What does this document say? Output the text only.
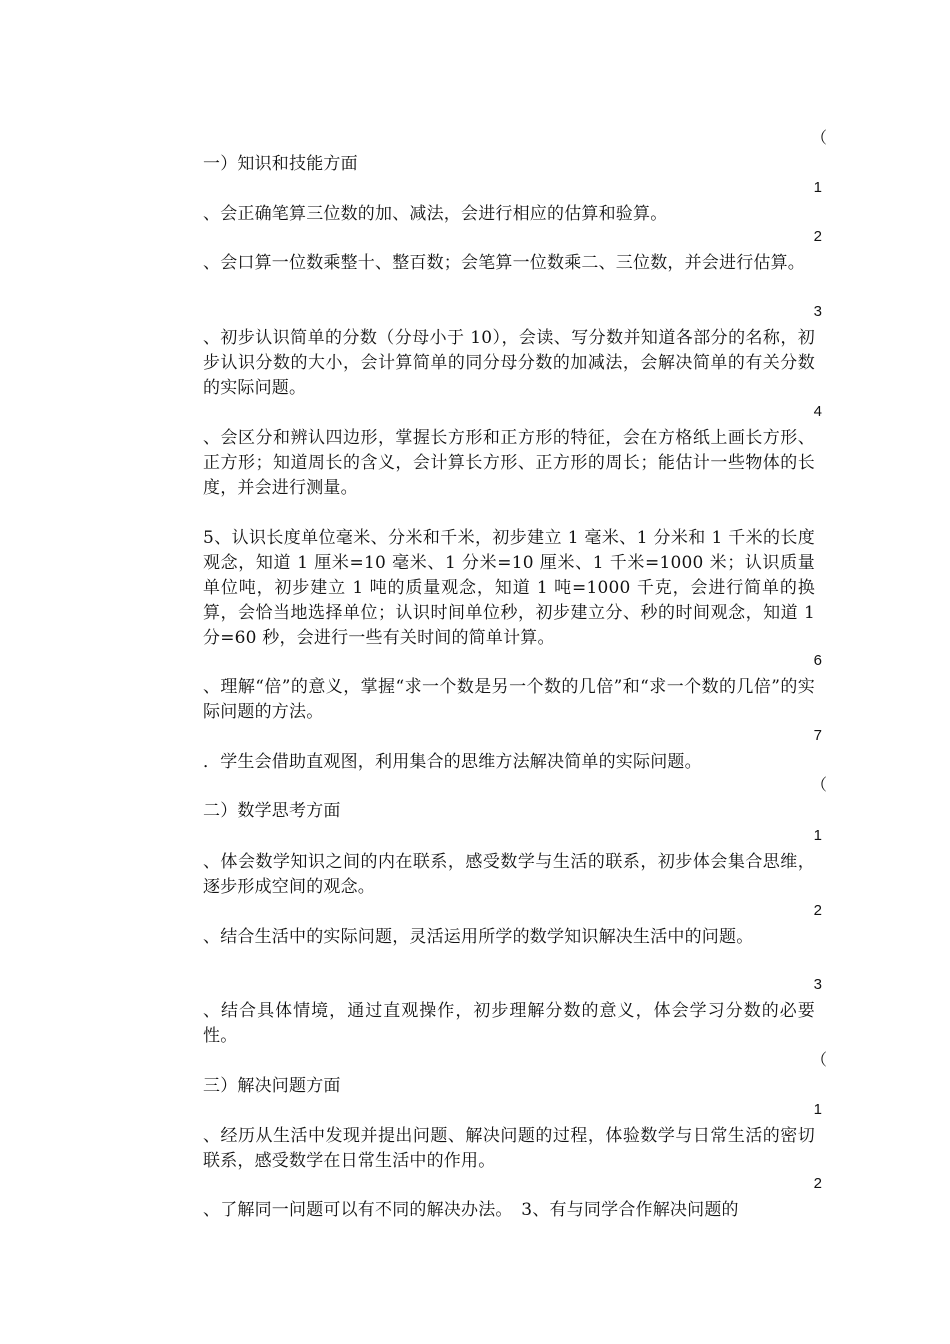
（
一）知识和技能方面
1
、会正确笔算三位数的加、减法，会进行相应的估算和验算。
2
、会口算一位数乘整十、整百数；会笔算一位数乘二、三位数，并会进行估算。
3
、初步认识简单的分数（分母小于 10），会读、写分数并知道各部分的名称，初步认识分数的大小，会计算简单的同分母分数的加减法，会解决简单的有关分数的实际问题。
4
、会区分和辨认四边形，掌握长方形和正方形的特征，会在方格纸上画长方形、正方形；知道周长的含义，会计算长方形、正方形的周长；能估计一些物体的长度，并会进行测量。
5、认识长度单位毫米、分米和千米，初步建立 1 毫米、1 分米和 1 千米的长度观念，知道 1 厘米=10 毫米、1 分米=10 厘米、1 千米=1000 米；认识质量单位吨，初步建立 1 吨的质量观念，知道 1 吨=1000 千克，会进行简单的换算，会恰当地选择单位；认识时间单位秒，初步建立分、秒的时间观念，知道 1 分=60 秒，会进行一些有关时间的简单计算。
6
、理解“倍”的意义，掌握“求一个数是另一个数的几倍”和“求一个数的几倍”的实际问题的方法。
7
．学生会借助直观图，利用集合的思维方法解决简单的实际问题。
（
二）数学思考方面
1
、体会数学知识之间的内在联系，感受数学与生活的联系，初步体会集合思维，逐步形成空间的观念。
2
、结合生活中的实际问题，灵活运用所学的数学知识解决生活中的问题。
3
、结合具体情境，通过直观操作，初步理解分数的意义，体会学习分数的必要性。
（
三）解决问题方面
1
、经历从生活中发现并提出问题、解决问题的过程，体验数学与日常生活的密切联系，感受数学在日常生活中的作用。
2
、了解同一问题可以有不同的解决办法。　3、有与同学合作解决问题的
